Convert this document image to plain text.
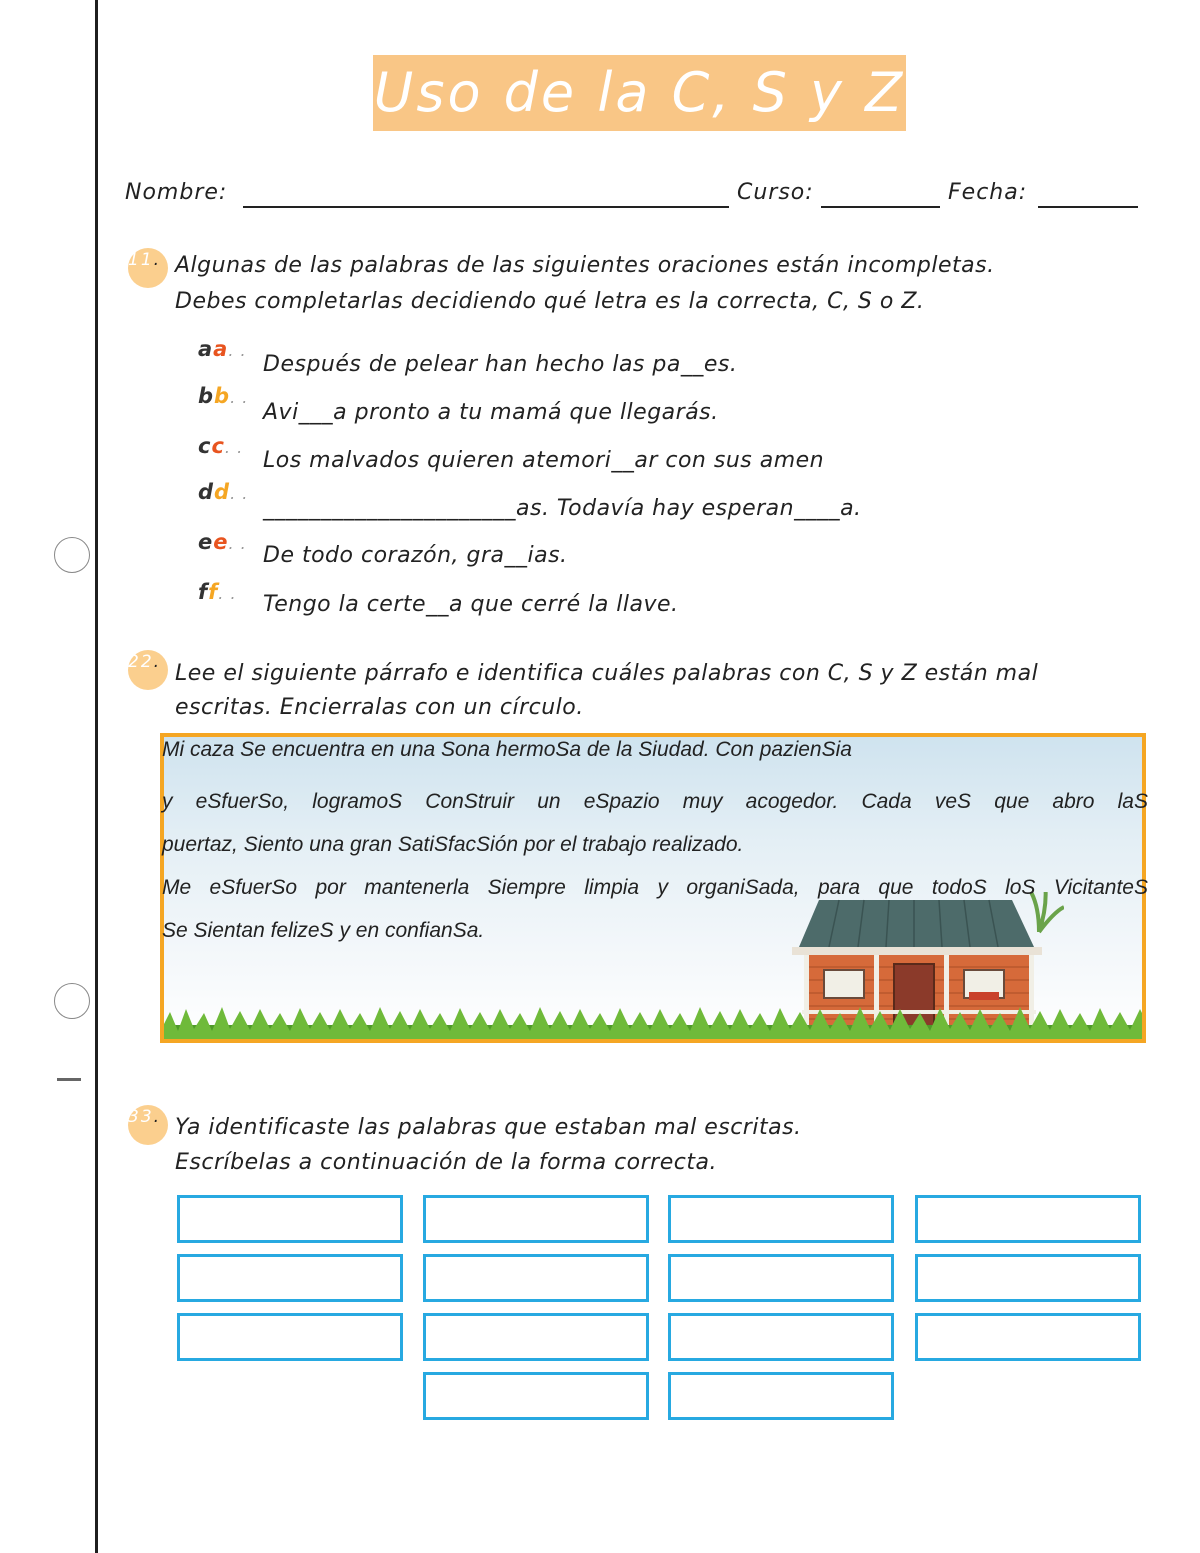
Uso de la C, S y Z
Nombre:	Curso:	Fecha:
11. Algunas de las palabras de las siguientes oraciones están incompletas.
Debes completarlas decidiendo qué letra es la correcta, C, S o Z.
aa. .
Después de pelear han hecho las pa__es.
bb. .
Avi___a pronto a tu mamá que llegarás.
cc. .
Los malvados quieren atemori__ar con sus amen
dd. .
______________________as. Todavía hay esperan____a.
ee. . De todo corazón, gra__ias.
ff. . Tengo la certe__a que cerré la llave.
22. Lee el siguiente párrafo e identifica cuáles palabras con C, S y Z están mal
escritas. Encierralas con un círculo.
Mi caza Se encuentra en una Sona hermoSa de la Siudad. Con pazienSia
y eSfuerSo, logramoS ConStruir un eSpazio muy acogedor. Cada veS que abro laS
puertaz, Siento una gran SatiSfacSión por el trabajo realizado.
Me eSfuerSo por mantenerla Siempre limpia y organiSada, para que todoS loS VicitanteS
Se Sientan felizeS y en confianSa.
33. Ya identificaste las palabras que estaban mal escritas.
Escríbelas a continuación de la forma correcta.
